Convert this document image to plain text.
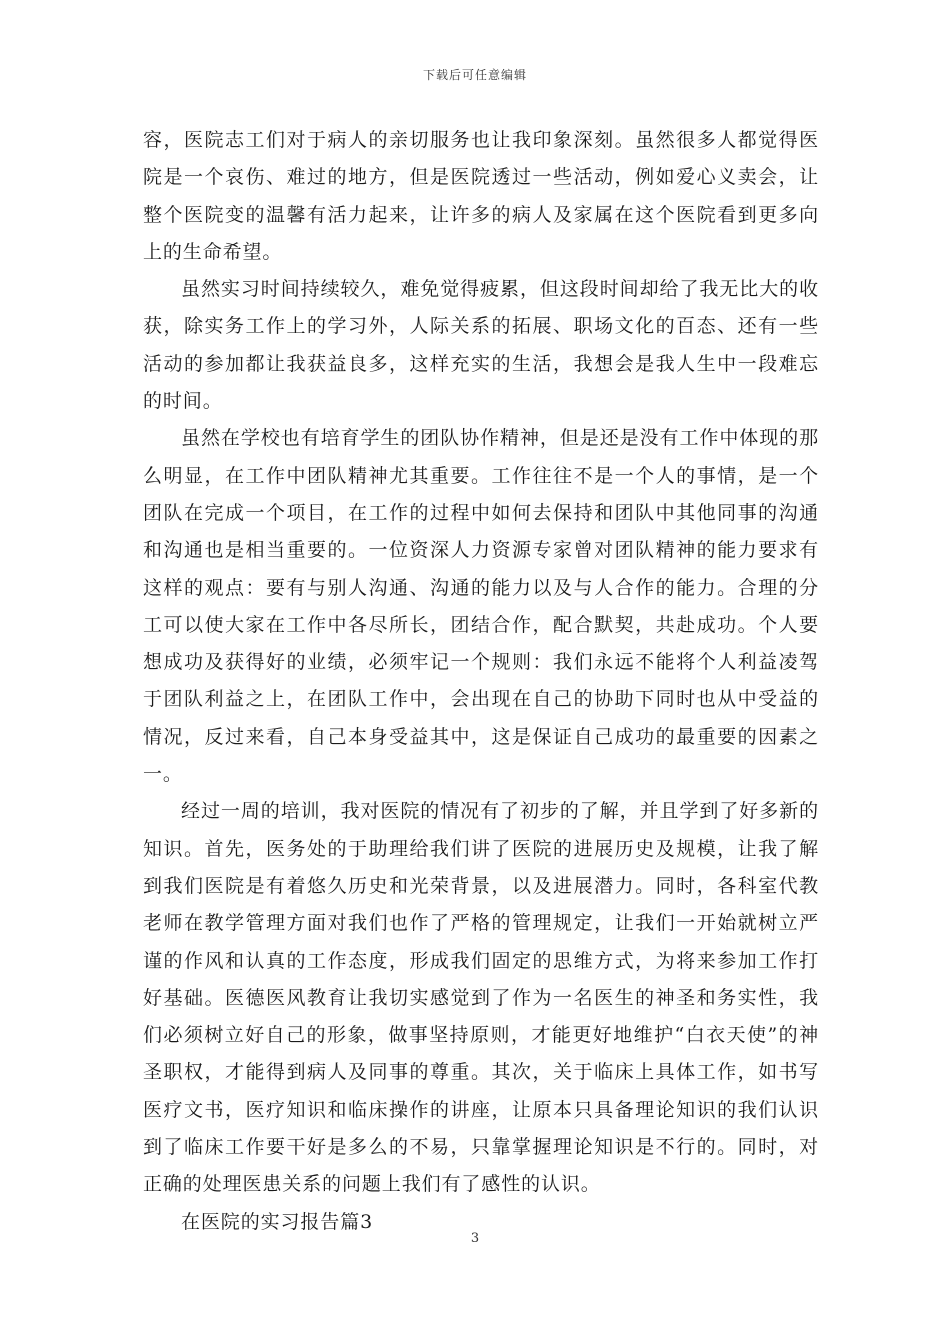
下载后可任意编辑

容，医院志工们对于病人的亲切服务也让我印象深刻。虽然很多人都觉得医院是一个哀伤、难过的地方，但是医院透过一些活动，例如爱心义卖会，让整个医院变的温馨有活力起来，让许多的病人及家属在这个医院看到更多向上的生命希望。

虽然实习时间持续较久，难免觉得疲累，但这段时间却给了我无比大的收获，除实务工作上的学习外，人际关系的拓展、职场文化的百态、还有一些活动的参加都让我获益良多，这样充实的生活，我想会是我人生中一段难忘的时间。

虽然在学校也有培育学生的团队协作精神，但是还是没有工作中体现的那么明显，在工作中团队精神尤其重要。工作往往不是一个人的事情，是一个团队在完成一个项目，在工作的过程中如何去保持和团队中其他同事的沟通和沟通也是相当重要的。一位资深人力资源专家曾对团队精神的能力要求有这样的观点：要有与别人沟通、沟通的能力以及与人合作的能力。合理的分工可以使大家在工作中各尽所长，团结合作，配合默契，共赴成功。个人要想成功及获得好的业绩，必须牢记一个规则：我们永远不能将个人利益凌驾于团队利益之上，在团队工作中，会出现在自己的协助下同时也从中受益的情况，反过来看，自己本身受益其中，这是保证自己成功的最重要的因素之一。

经过一周的培训，我对医院的情况有了初步的了解，并且学到了好多新的知识。首先，医务处的于助理给我们讲了医院的进展历史及规模，让我了解到我们医院是有着悠久历史和光荣背景，以及进展潜力。同时，各科室代教老师在教学管理方面对我们也作了严格的管理规定，让我们一开始就树立严谨的作风和认真的工作态度，形成我们固定的思维方式，为将来参加工作打好基础。医德医风教育让我切实感觉到了作为一名医生的神圣和务实性，我们必须树立好自己的形象，做事坚持原则，才能更好地维护“白衣天使”的神圣职权，才能得到病人及同事的尊重。其次，关于临床上具体工作，如书写医疗文书，医疗知识和临床操作的讲座，让原本只具备理论知识的我们认识到了临床工作要干好是多么的不易，只靠掌握理论知识是不行的。同时，对正确的处理医患关系的问题上我们有了感性的认识。

在医院的实习报告篇3

3
